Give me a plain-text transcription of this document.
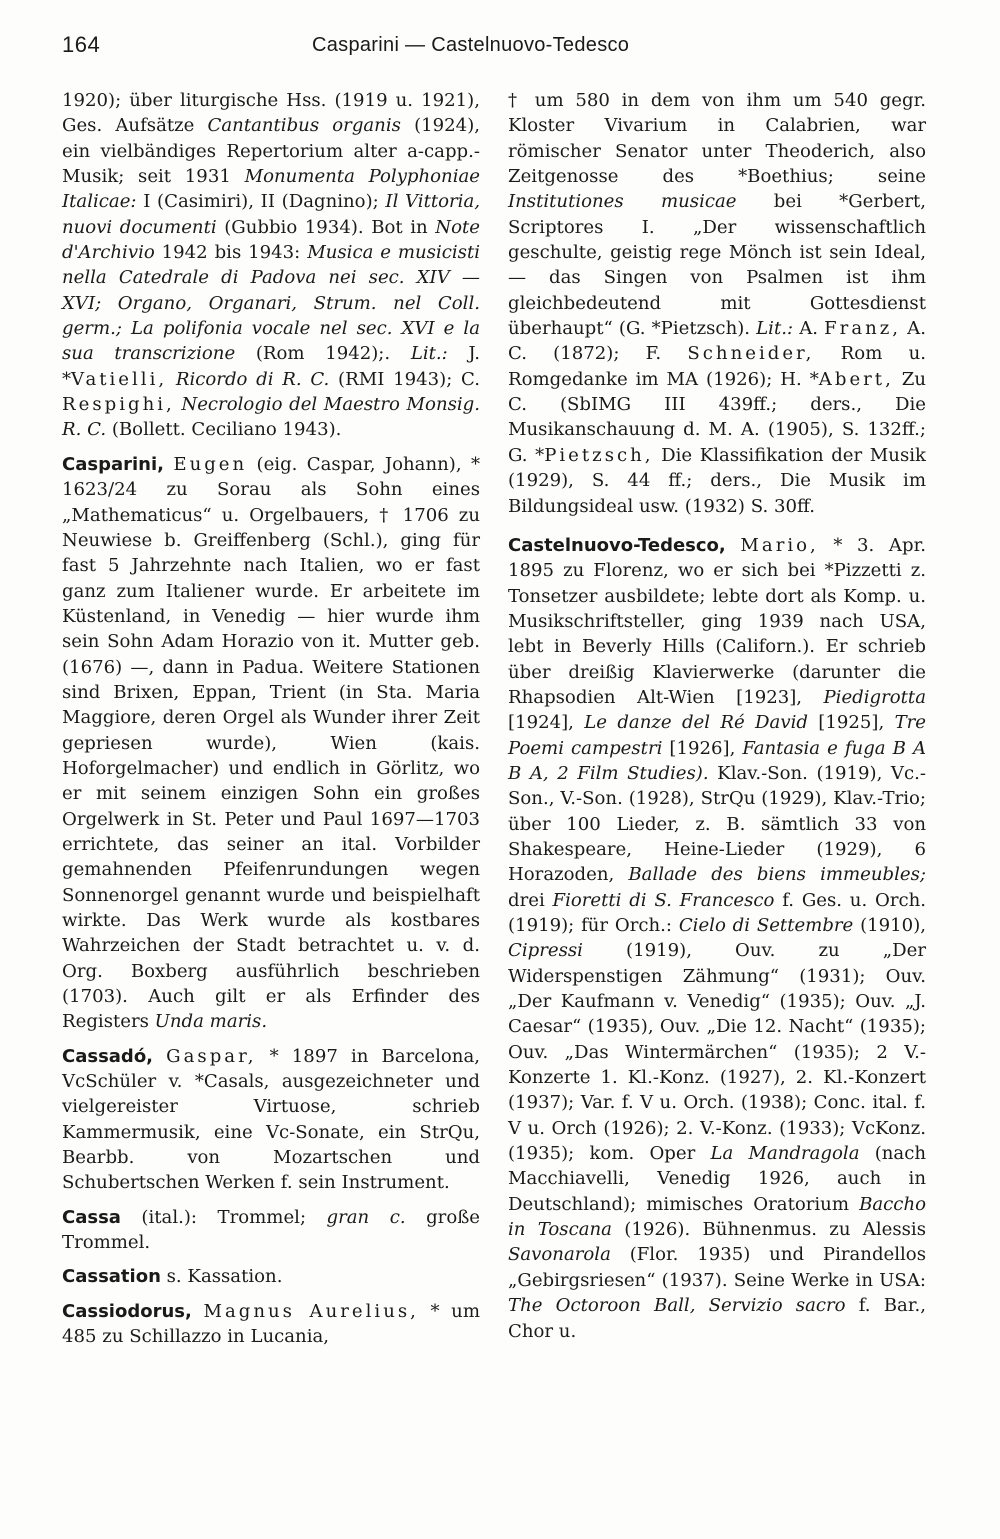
164	Casparini — Castelnuovo-Tedesco

1920); über liturgische Hss. (1919 u. 1921), Ges. Aufsätze Cantantibus organis (1924), ein vielbändiges Repertorium alter a-capp.-Musik; seit 1931 Monumenta Polyphoniae Italicae: I (Casimiri), II (Dagnino); Il Vittoria, nuovi documenti (Gubbio 1934). Bot in Note d'Archivio 1942 bis 1943: Musica e musicisti nella Catedrale di Padova nei sec. XIV — XVI; Organo, Organari, Strum. nel Coll. germ.; La polifonia vocale nel sec. XVI e la sua transcrizione (Rom 1942);. Lit.: J. *Vatielli, Ricordo di R. C. (RMI 1943); C. Respighi, Necrologio del Maestro Monsig. R. C. (Bollett. Ceciliano 1943).

Casparini, Eugen (eig. Caspar, Johann), * 1623/24 zu Sorau als Sohn eines „Mathematicus“ u. Orgelbauers, † 1706 zu Neuwiese b. Greiffenberg (Schl.), ging für fast 5 Jahrzehnte nach Italien, wo er fast ganz zum Italiener wurde. Er arbeitete im Küstenland, in Venedig — hier wurde ihm sein Sohn Adam Horazio von it. Mutter geb. (1676) —, dann in Padua. Weitere Stationen sind Brixen, Eppan, Trient (in Sta. Maria Maggiore, deren Orgel als Wunder ihrer Zeit gepriesen wurde), Wien (kais. Hoforgelmacher) und endlich in Görlitz, wo er mit seinem einzigen Sohn ein großes Orgelwerk in St. Peter und Paul 1697—1703 errichtete, das seiner an ital. Vorbilder gemahnenden Pfeifenrundungen wegen Sonnenorgel genannt wurde und beispielhaft wirkte. Das Werk wurde als kostbares Wahrzeichen der Stadt betrachtet u. v. d. Org. Boxberg ausführlich beschrieben (1703). Auch gilt er als Erfinder des Registers Unda maris.

Cassadó, Gaspar, * 1897 in Barcelona, VcSchüler v. *Casals, ausgezeichneter und vielgereister Virtuose, schrieb Kammermusik, eine Vc-Sonate, ein StrQu, Bearbb. von Mozartschen und Schubertschen Werken f. sein Instrument.

Cassa (ital.): Trommel; gran c. große Trommel.

Cassation s. Kassation.

Cassiodorus, Magnus Aurelius, * um 485 zu Schillazzo in Lucania,

† um 580 in dem von ihm um 540 gegr. Kloster Vivarium in Calabrien, war römischer Senator unter Theoderich, also Zeitgenosse des *Boethius; seine Institutiones musicae bei *Gerbert, Scriptores I. „Der wissenschaftlich geschulte, geistig rege Mönch ist sein Ideal, — das Singen von Psalmen ist ihm gleichbedeutend mit Gottesdienst überhaupt“ (G. *Pietzsch). Lit.: A. Franz, A. C. (1872); F. Schneider, Rom u. Romgedanke im MA (1926); H. *Abert, Zu C. (SbIMG III 439ff.; ders., Die Musikanschauung d. M. A. (1905), S. 132ff.; G. *Pietzsch, Die Klassifikation der Musik (1929), S. 44 ff.; ders., Die Musik im Bildungsideal usw. (1932) S. 30ff.

Castelnuovo-Tedesco, Mario, * 3. Apr. 1895 zu Florenz, wo er sich bei *Pizzetti z. Tonsetzer ausbildete; lebte dort als Komp. u. Musikschriftsteller, ging 1939 nach USA, lebt in Beverly Hills (Californ.). Er schrieb über dreißig Klavierwerke (darunter die Rhapsodien Alt-Wien [1923], Piedigrotta [1924], Le danze del Ré David [1925], Tre Poemi campestri [1926], Fantasia e fuga B A B A, 2 Film Studies). Klav.-Son. (1919), Vc.-Son., V.-Son. (1928), StrQu (1929), Klav.-Trio; über 100 Lieder, z. B. sämtlich 33 von Shakespeare, Heine-Lieder (1929), 6 Horazoden, Ballade des biens immeubles; drei Fioretti di S. Francesco f. Ges. u. Orch. (1919); für Orch.: Cielo di Settembre (1910), Cipressi (1919), Ouv. zu „Der Widerspenstigen Zähmung“ (1931); Ouv. „Der Kaufmann v. Venedig“ (1935); Ouv. „J. Caesar“ (1935), Ouv. „Die 12. Nacht“ (1935); Ouv. „Das Wintermärchen“ (1935); 2 V.-Konzerte 1. Kl.-Konz. (1927), 2. Kl.-Konzert (1937); Var. f. V u. Orch. (1938); Conc. ital. f. V u. Orch (1926); 2. V.-Konz. (1933); VcKonz. (1935); kom. Oper La Mandragola (nach Macchiavelli, Venedig 1926, auch in Deutschland); mimisches Oratorium Baccho in Toscana (1926). Bühnenmus. zu Alessis Savonarola (Flor. 1935) und Pirandellos „Gebirgsriesen“ (1937). Seine Werke in USA: The Octoroon Ball, Servizio sacro f. Bar., Chor u.
